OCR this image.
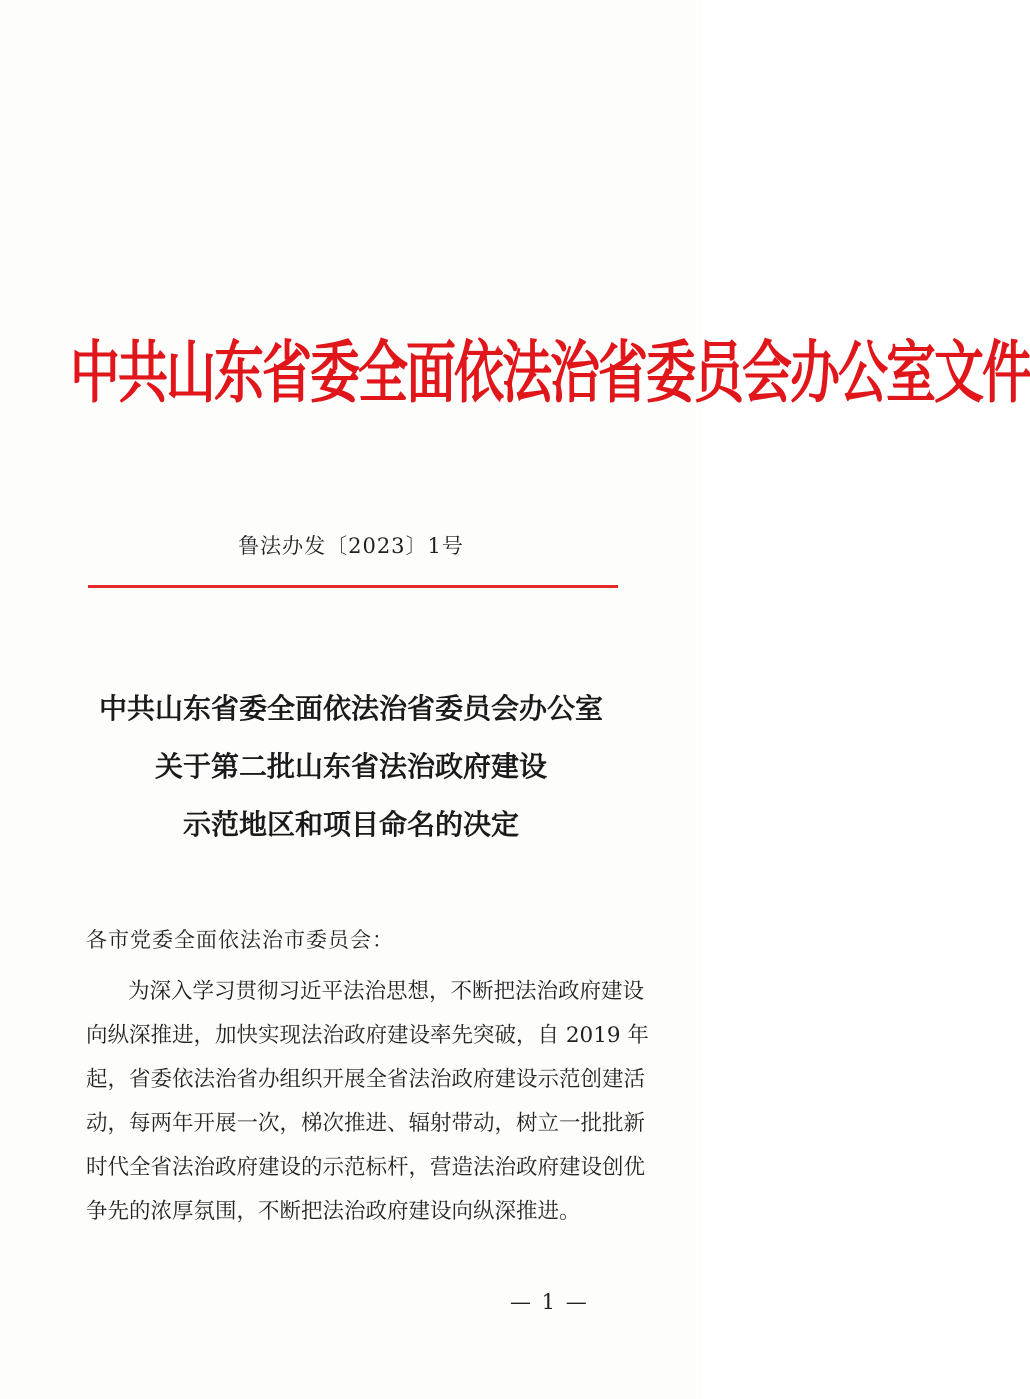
中共山东省委全面依法治省委员会办公室文件
鲁法办发〔2023〕1号
中共山东省委全面依法治省委员会办公室
关于第二批山东省法治政府建设
示范地区和项目命名的决定
各市党委全面依法治市委员会：
为深入学习贯彻习近平法治思想，不断把法治政府建设
向纵深推进，加快实现法治政府建设率先突破，自 2019 年
起，省委依法治省办组织开展全省法治政府建设示范创建活
动，每两年开展一次，梯次推进、辐射带动，树立一批批新
时代全省法治政府建设的示范标杆，营造法治政府建设创优
争先的浓厚氛围，不断把法治政府建设向纵深推进。
— 1 —
